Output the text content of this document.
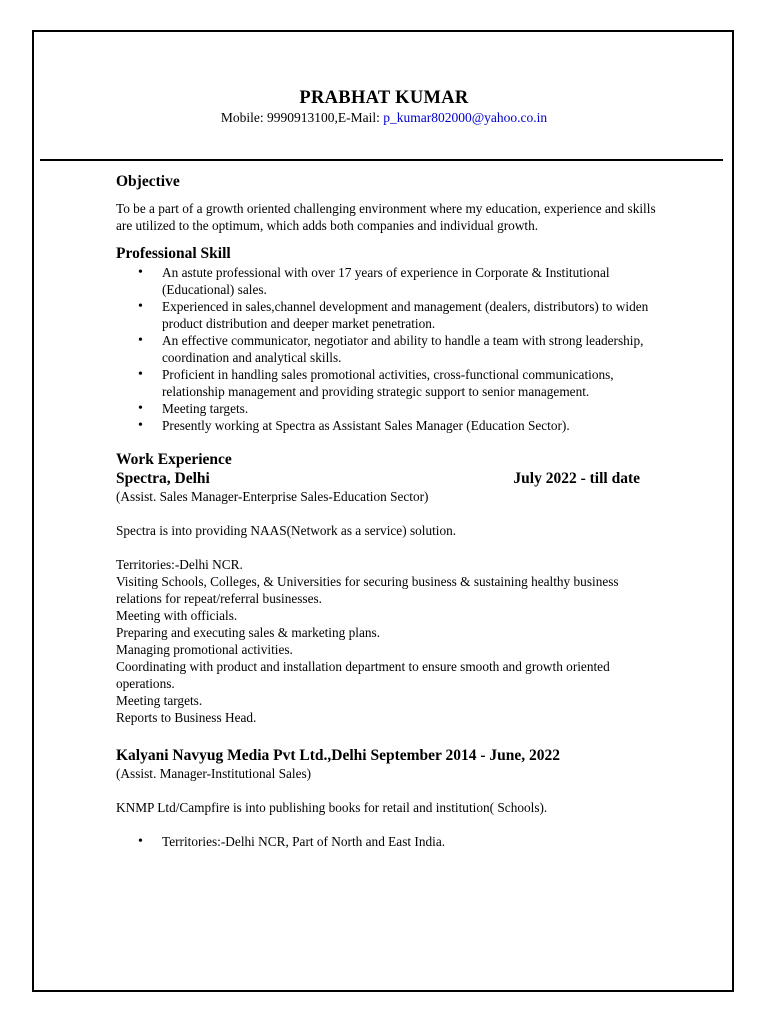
PRABHAT KUMAR
Mobile: 9990913100,E-Mail: p_kumar802000@yahoo.co.in
Objective

To be a part of a growth oriented challenging environment where my education, experience and skills are utilized to the optimum, which adds both companies and individual growth.

Professional Skill
• An astute professional with over 17 years of experience in Corporate & Institutional (Educational) sales.
• Experienced in sales,channel development and management (dealers, distributors) to widen product distribution and deeper market penetration.
• An effective communicator, negotiator and ability to handle a team with strong leadership, coordination and analytical skills.
• Proficient in handling sales promotional activities, cross-functional communications, relationship management and providing strategic support to senior management.
• Meeting targets.
• Presently working at Spectra as Assistant Sales Manager (Education Sector).
Work Experience
Spectra, Delhi	July 2022 - till date

(Assist. Sales Manager-Enterprise Sales-Education Sector)

Spectra is into providing NAAS(Network as a service) solution.

Territories:-Delhi NCR.

Visiting Schools, Colleges, & Universities for securing business & sustaining healthy business relations for repeat/referral businesses.

Meeting with officials.

Preparing and executing sales & marketing plans.

Managing promotional activities.

Coordinating with product and installation department to ensure smooth and growth oriented operations.

Meeting targets.

Reports to Business Head.

Kalyani Navyug Media Pvt Ltd.,Delhi September 2014 - June, 2022

(Assist. Manager-Institutional Sales)

KNMP Ltd/Campfire is into publishing books for retail and institution( Schools).

• Territories:-Delhi NCR, Part of North and East India.
